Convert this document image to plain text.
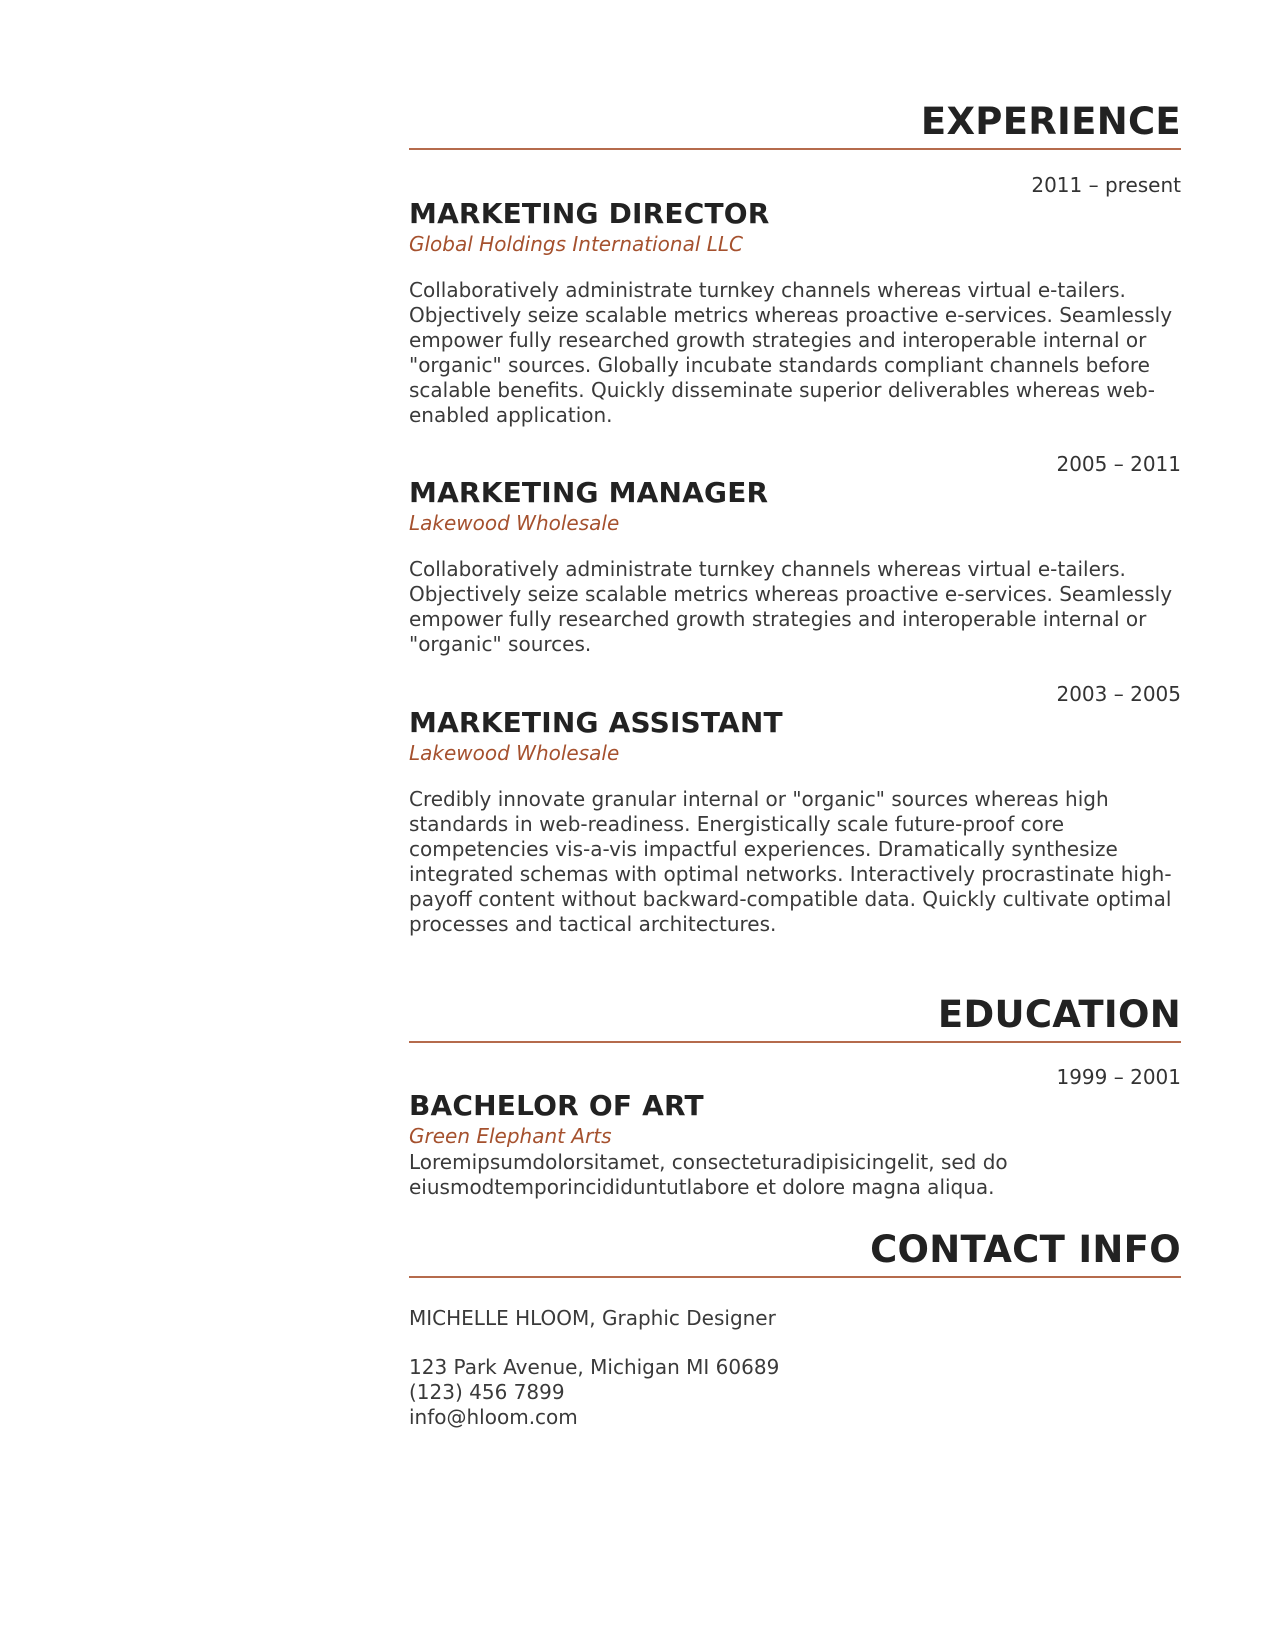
EXPERIENCE
2011 – present
MARKETING DIRECTOR
Global Holdings International LLC

Collaboratively administrate turnkey channels whereas virtual e-tailers. Objectively seize scalable metrics whereas proactive e-services. Seamlessly empower fully researched growth strategies and interoperable internal or "organic" sources. Globally incubate standards compliant channels before scalable benefits. Quickly disseminate superior deliverables whereas web-enabled application.

2005 – 2011
MARKETING MANAGER
Lakewood Wholesale

Collaboratively administrate turnkey channels whereas virtual e-tailers. Objectively seize scalable metrics whereas proactive e-services. Seamlessly empower fully researched growth strategies and interoperable internal or "organic" sources.

2003 – 2005
MARKETING ASSISTANT
Lakewood Wholesale

Credibly innovate granular internal or "organic" sources whereas high standards in web-readiness. Energistically scale future-proof core competencies vis-a-vis impactful experiences. Dramatically synthesize integrated schemas with optimal networks. Interactively procrastinate high-payoff content without backward-compatible data. Quickly cultivate optimal processes and tactical architectures.

EDUCATION
1999 – 2001
BACHELOR OF ART
Green Elephant Arts

Loremipsumdolorsitamet, consecteturadipisicingelit, sed do eiusmodtemporincididuntutlabore et dolore magna aliqua.

CONTACT INFO
MICHELLE HLOOM, Graphic Designer
123 Park Avenue, Michigan MI 60689
(123) 456 7899
info@hloom.com
